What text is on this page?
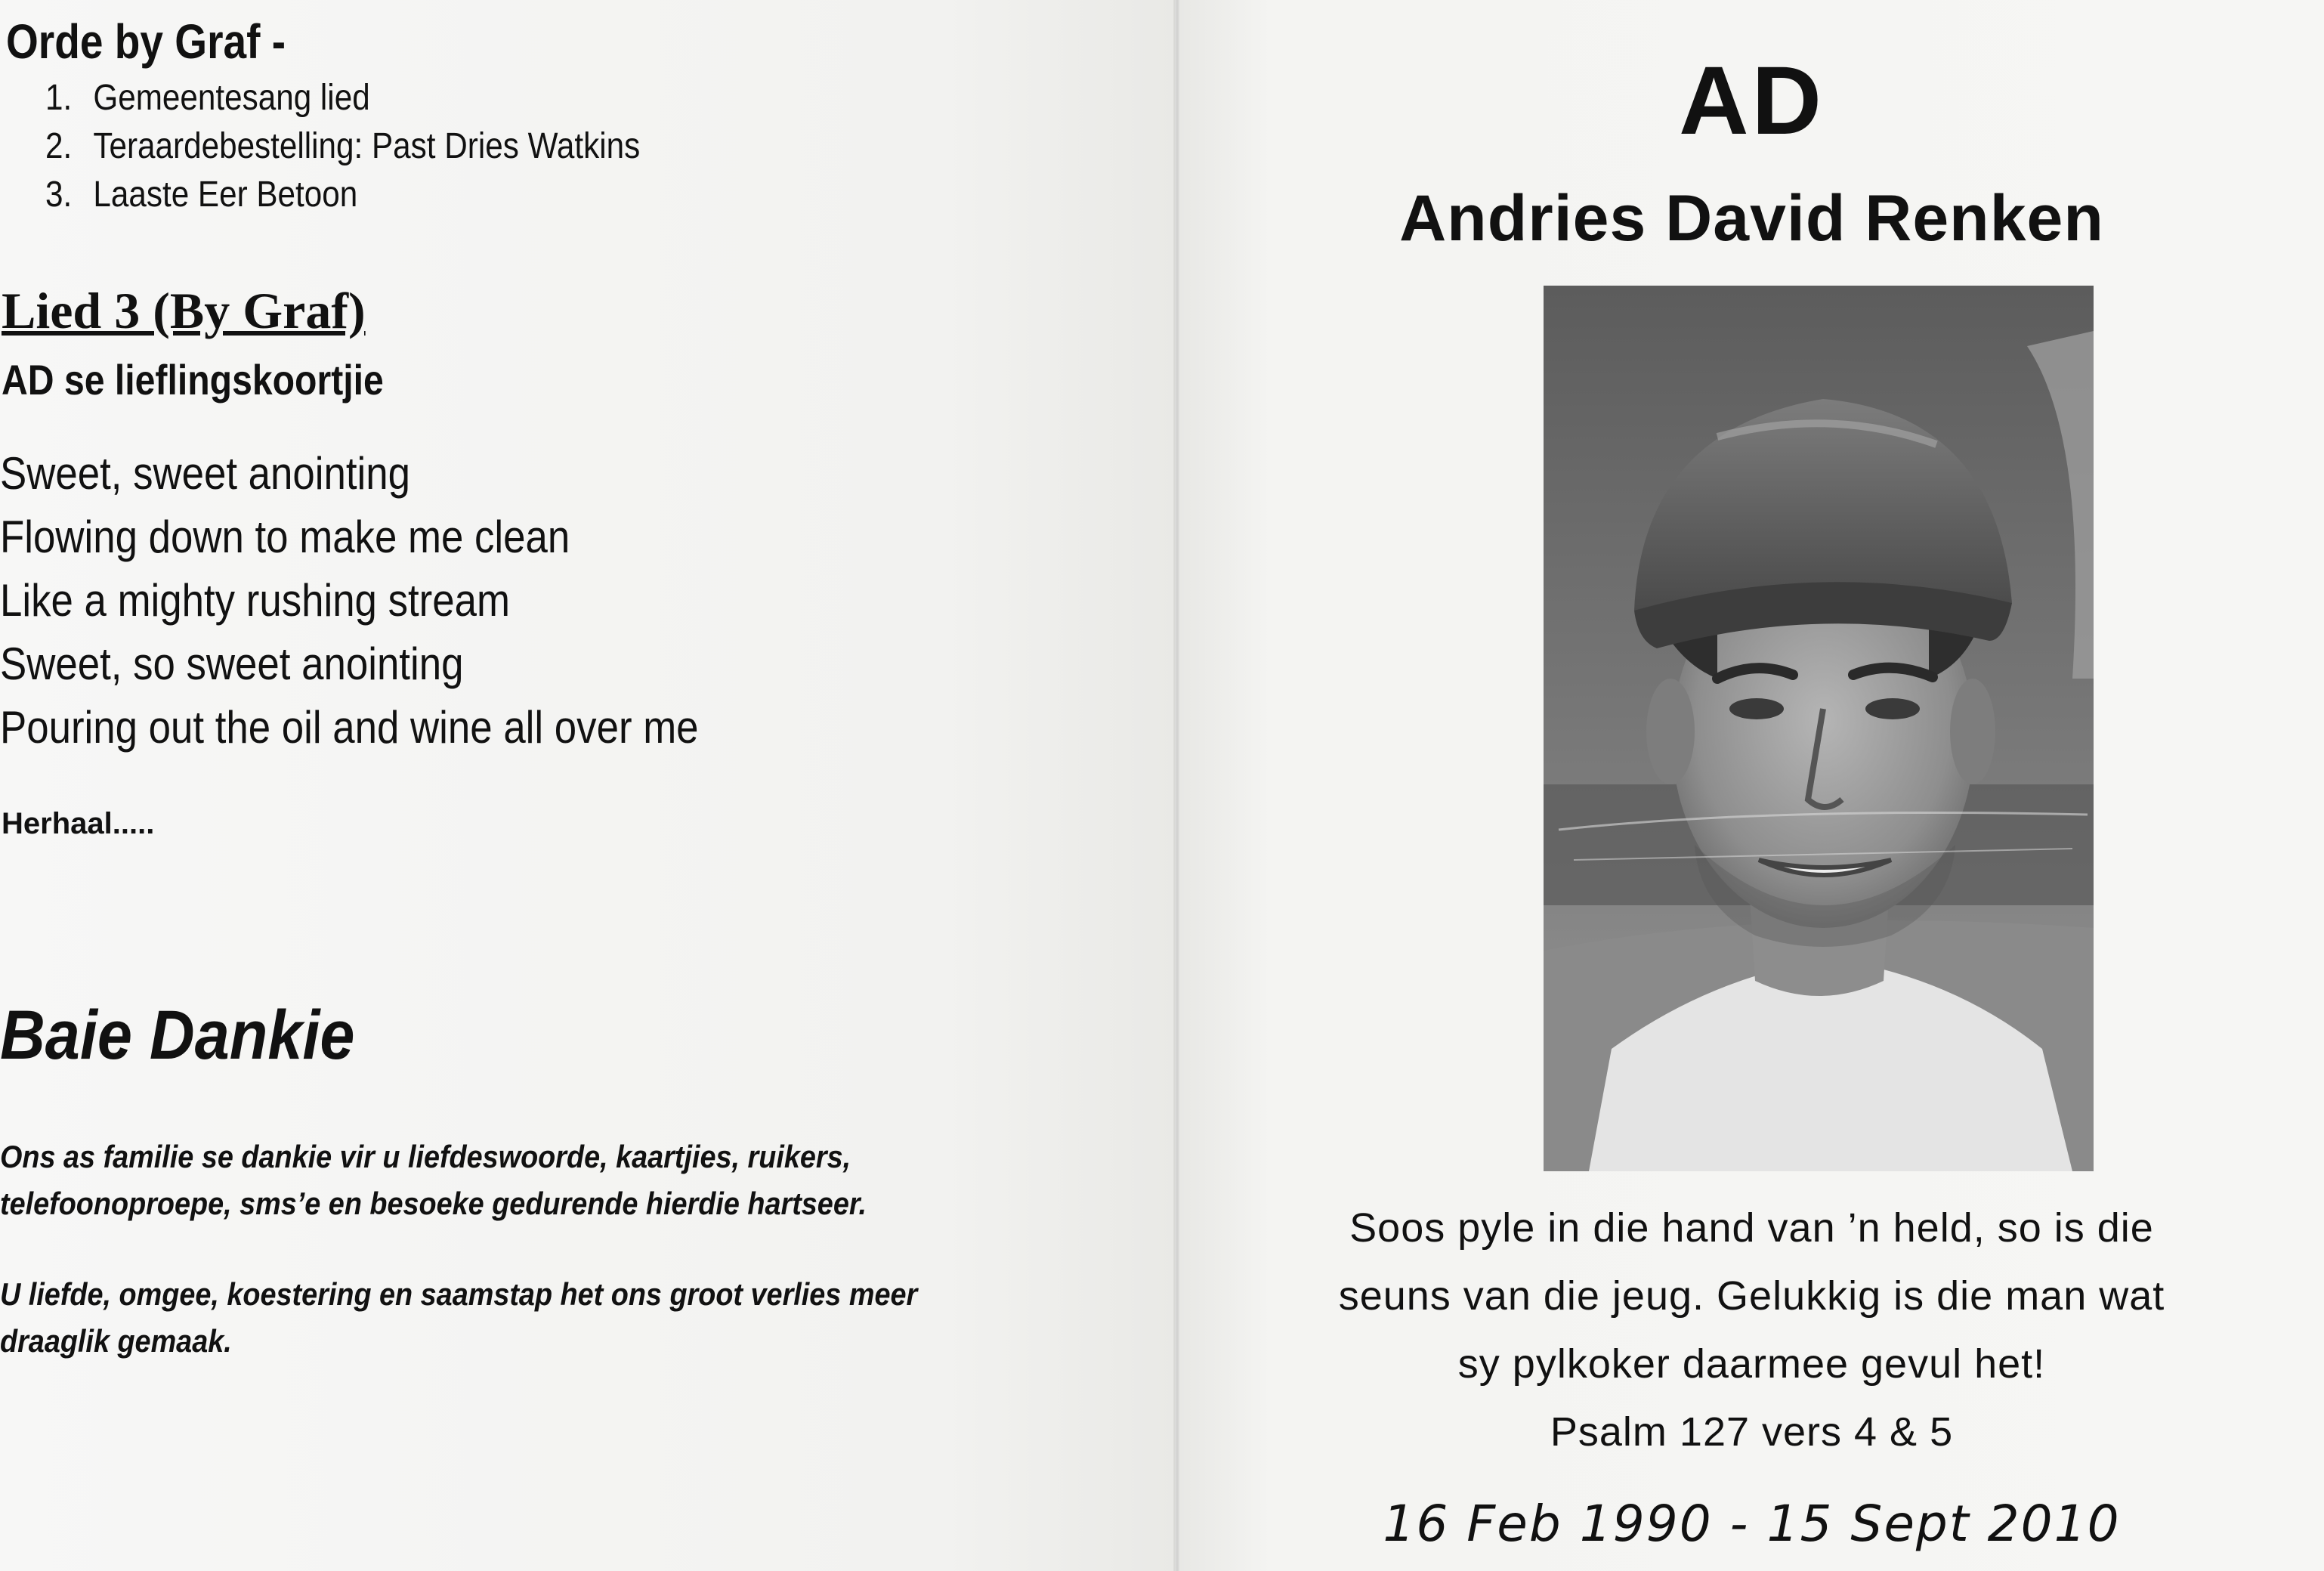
Orde by Graf -
1. Gemeentesang lied
2. Teraardebestelling: Past Dries Watkins
3. Laaste Eer Betoon
Lied 3 (By Graf)
AD se lieflingskoortjie
Sweet, sweet anointing
Flowing down to make me clean
Like a mighty rushing stream
Sweet, so sweet anointing
Pouring out the oil and wine all over me
Herhaal.....
Baie Dankie
Ons as familie se dankie vir u liefdeswoorde, kaartjies, ruikers,
telefoonoproepe, sms’e en besoeke gedurende hierdie hartseer.
U liefde, omgee, koestering en saamstap het ons groot verlies meer
draaglik gemaak.
AD
Andries David Renken
Soos pyle in die hand van ’n held, so is die
seuns van die jeug. Gelukkig is die man wat
sy pylkoker daarmee gevul het!
Psalm 127 vers 4 & 5
16 Feb 1990 - 15 Sept 2010
